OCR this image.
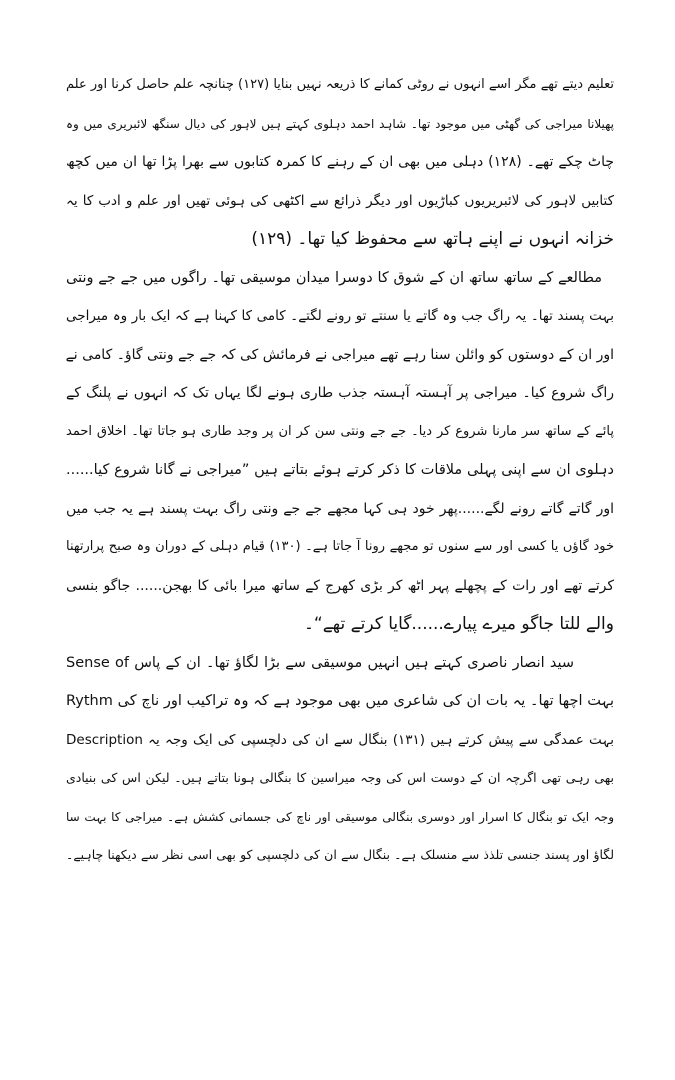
تعلیم دیتے تھے مگر اسے انہوں نے روٹی کمانے کا ذریعہ نہیں بنایا (۱۲۷) چنانچہ علم حاصل کرنا اور علم
پھیلانا میراجی کی گھٹی میں موجود تھا۔ شاہد احمد دہلوی کہتے ہیں لاہور کی دیال سنگھ لائبریری میں وہ
چاٹ چکے تھے۔ (۱۲۸) دہلی میں بھی ان کے رہنے کا کمرہ کتابوں سے بھرا پڑا تھا ان میں کچھ
کتابیں لاہور کی لائبریریوں کباڑیوں اور دیگر ذرائع سے اکٹھی کی ہوئی تھیں اور علم و ادب کا یہ
خزانہ انہوں نے اپنے ہاتھ سے محفوظ کیا تھا۔ (۱۲۹)
مطالعے کے ساتھ ساتھ ان کے شوق کا دوسرا میدان موسیقی تھا۔ راگوں میں جے جے ونتی
بہت پسند تھا۔ یہ راگ جب وہ گاتے یا سنتے تو رونے لگتے۔ کامی کا کہنا ہے کہ ایک بار وہ میراجی
اور ان کے دوستوں کو وائلن سنا رہے تھے میراجی نے فرمائش کی کہ جے جے ونتی گاؤ۔ کامی نے
راگ شروع کیا۔ میراجی پر آہستہ آہستہ جذب طاری ہونے لگا یہاں تک کہ انہوں نے پلنگ کے
پائے کے ساتھ سر مارنا شروع کر دیا۔ جے جے ونتی سن کر ان پر وجد طاری ہو جاتا تھا۔ اخلاق احمد
دہلوی ان سے اپنی پہلی ملاقات کا ذکر کرتے ہوئے بتاتے ہیں ”میراجی نے گانا شروع کیا......
اور گاتے گاتے رونے لگے......پھر خود ہی کہا مجھے جے جے ونتی راگ بہت پسند ہے یہ جب میں
خود گاؤں یا کسی اور سے سنوں تو مجھے رونا آ جاتا ہے۔ (۱۳۰) قیام دہلی کے دوران وہ صبح پرارتھنا
کرتے تھے اور رات کے پچھلے پہر اٹھ کر بڑی کھرج کے ساتھ میرا بائی کا بھجن...... جاگو بنسی
والے للتا جاگو میرے پیارے......گایا کرتے تھے“۔
سید انصار ناصری کہتے ہیں انہیں موسیقی سے بڑا لگاؤ تھا۔ ان کے پاس Sense of
Rythm بہت اچھا تھا۔ یہ بات ان کی شاعری میں بھی موجود ہے کہ وہ تراکیب اور ناچ کی
Description بہت عمدگی سے پیش کرتے ہیں (۱۳۱) بنگال سے ان کی دلچسپی کی ایک وجہ یہ
بھی رہی تھی اگرچہ ان کے دوست اس کی وجہ میراسین کا بنگالی ہونا بتاتے ہیں۔ لیکن اس کی بنیادی
وجہ ایک تو بنگال کا اسرار اور دوسری بنگالی موسیقی اور ناچ کی جسمانی کشش ہے۔ میراجی کا بہت سا
لگاؤ اور پسند جنسی تلذذ سے منسلک ہے۔ بنگال سے ان کی دلچسپی کو بھی اسی نظر سے دیکھنا چاہیے۔
